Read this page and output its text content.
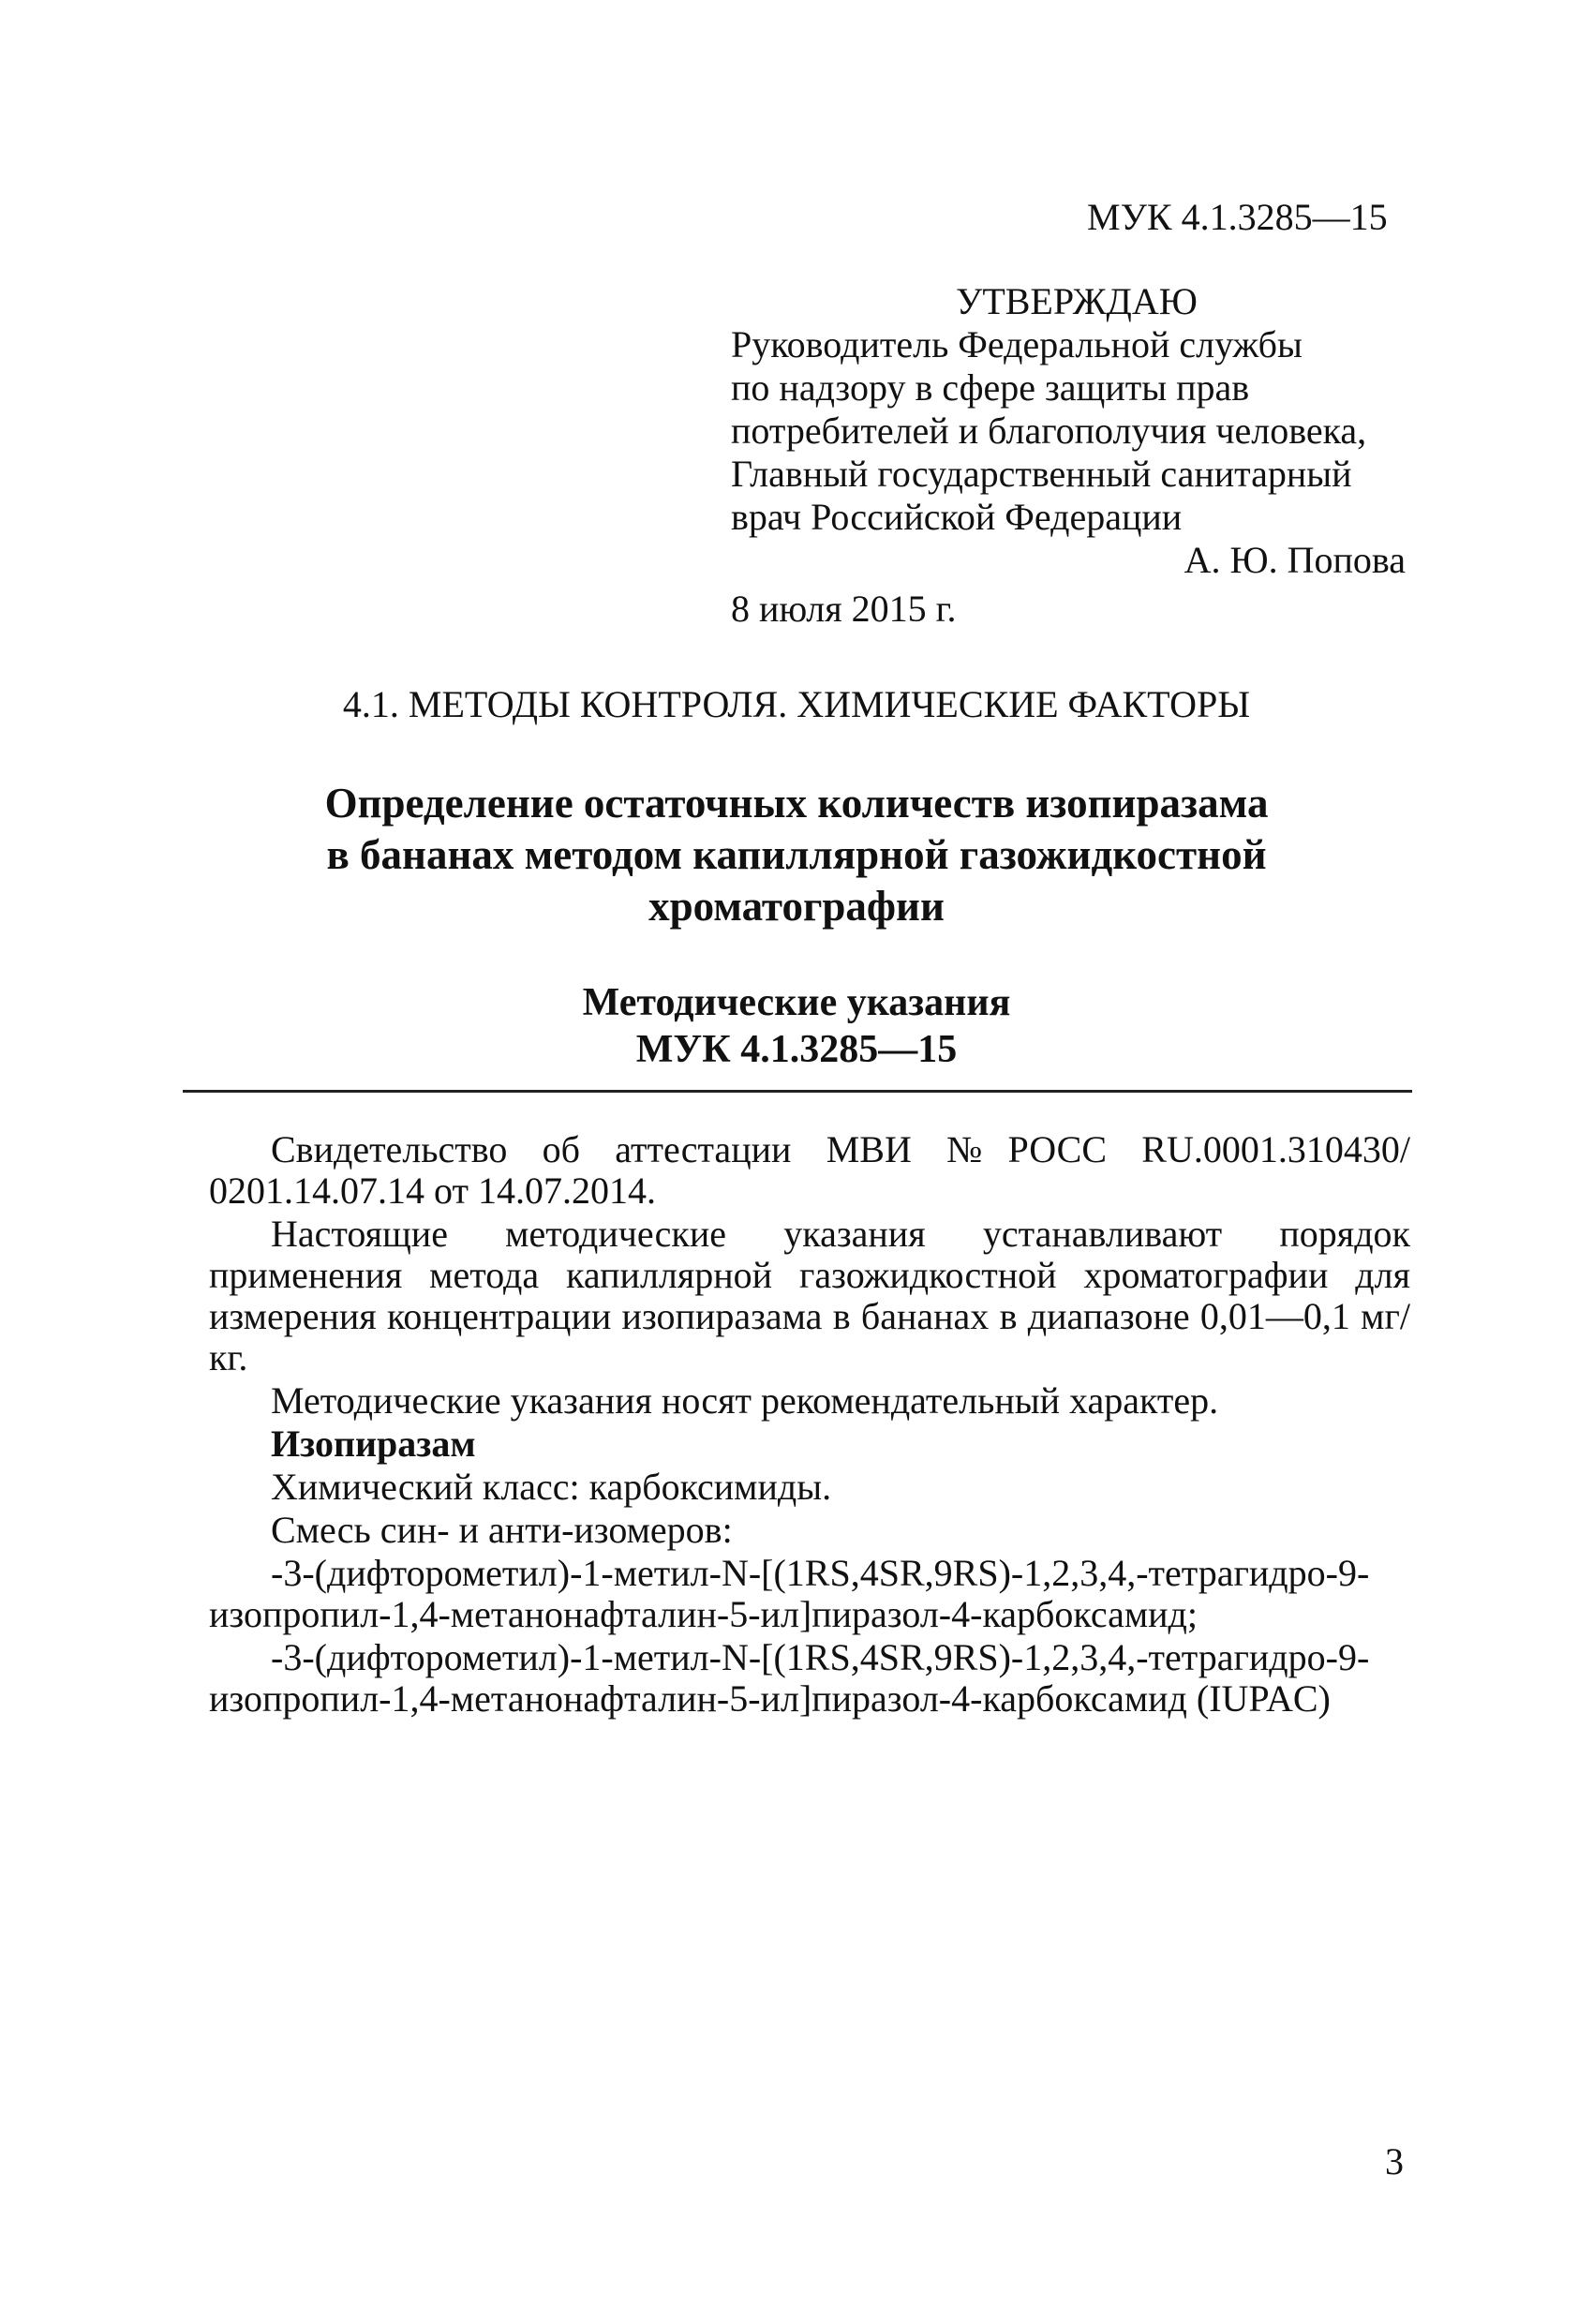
МУК 4.1.3285—15
УТВЕРЖДАЮ
Руководитель Федеральной службы
по надзору в сфере защиты прав
потребителей и благополучия человека,
Главный государственный санитарный
врач Российской Федерации
А. Ю. Попова
8 июля 2015 г.
4.1. МЕТОДЫ КОНТРОЛЯ. ХИМИЧЕСКИЕ ФАКТОРЫ
Определение остаточных количеств изопиразама
в бананах методом капиллярной газожидкостной
хроматографии
Методические указания
МУК 4.1.3285—15
Свидетельство об аттестации МВИ №РОСС RU.0001.310430/ 0201.14.07.14 от 14.07.2014.
Настоящие методические указания устанавливают порядок применения метода капиллярной газожидкостной хроматографии для измерения концентрации изопиразама в бананах в диапазоне 0,01—0,1 мг/кг.
Методические указания носят рекомендательный характер.
Изопиразам
Химический класс: карбоксимиды.
Смесь син- и анти-изомеров:
-3-(дифторометил)-1-метил-N-[(1RS,4SR,9RS)-1,2,3,4,-тетрагидро-9-изопропил-1,4-метанонафталин-5-ил]пиразол-4-карбоксамид;
-3-(дифторометил)-1-метил-N-[(1RS,4SR,9RS)-1,2,3,4,-тетрагидро-9-изопропил-1,4-метанонафталин-5-ил]пиразол-4-карбоксамид (IUPAC)
3
